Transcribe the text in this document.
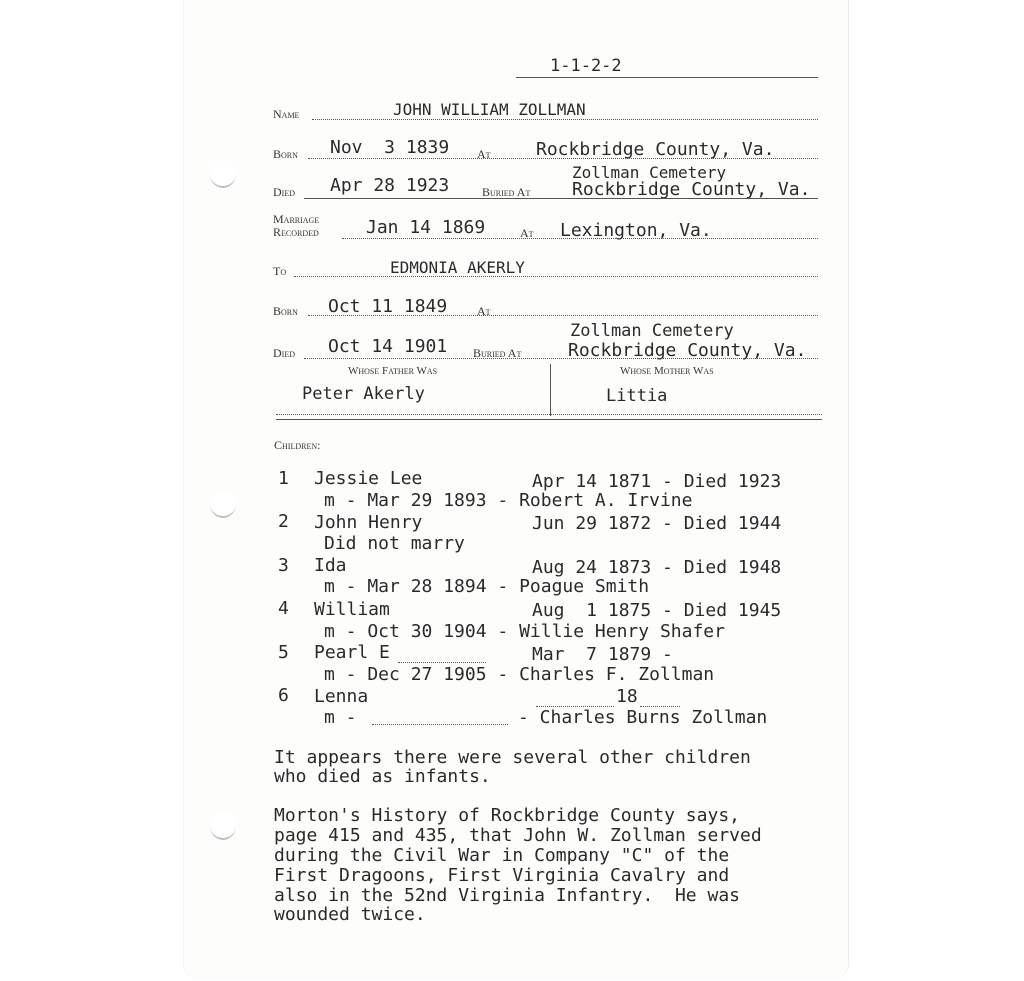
1-1-2-2
Name	JOHN WILLIAM ZOLLMAN
Born Nov  3 1839 At	Rockbridge County, Va.
Died Apr 28 1923	Buried At
Zollman Cemetery
Rockbridge County, Va.
Marriage
Recorded	Jan 14 1869	At Lexington, Va.
To	EDMONIA AKERLY
Born Oct 11 1849 At
Died Oct 14 1901 Buried At
Zollman Cemetery
Rockbridge County, Va.
Whose Father Was	Whose Mother Was
Peter Akerly	Littia
Children:
1 Jessie Lee	Apr 14 1871 - Died 1923
m - Mar 29 1893 - Robert A. Irvine
2 John Henry	Jun 29 1872 - Died 1944
Did not marry
3 Ida	Aug 24 1873 - Died 1948
m - Mar 28 1894 - Poague Smith
4 William	Aug  1 1875 - Died 1945
m - Oct 30 1904 - Willie Henry Shafer
5 Pearl E	Mar  7 1879 -
m - Dec 27 1905 - Charles F. Zollman
6 Lenna	18
m -	- Charles Burns Zollman
It appears there were several other children
who died as infants.
Morton's History of Rockbridge County says,
page 415 and 435, that John W. Zollman served
during the Civil War in Company "C" of the
First Dragoons, First Virginia Cavalry and
also in the 52nd Virginia Infantry.  He was
wounded twice.
